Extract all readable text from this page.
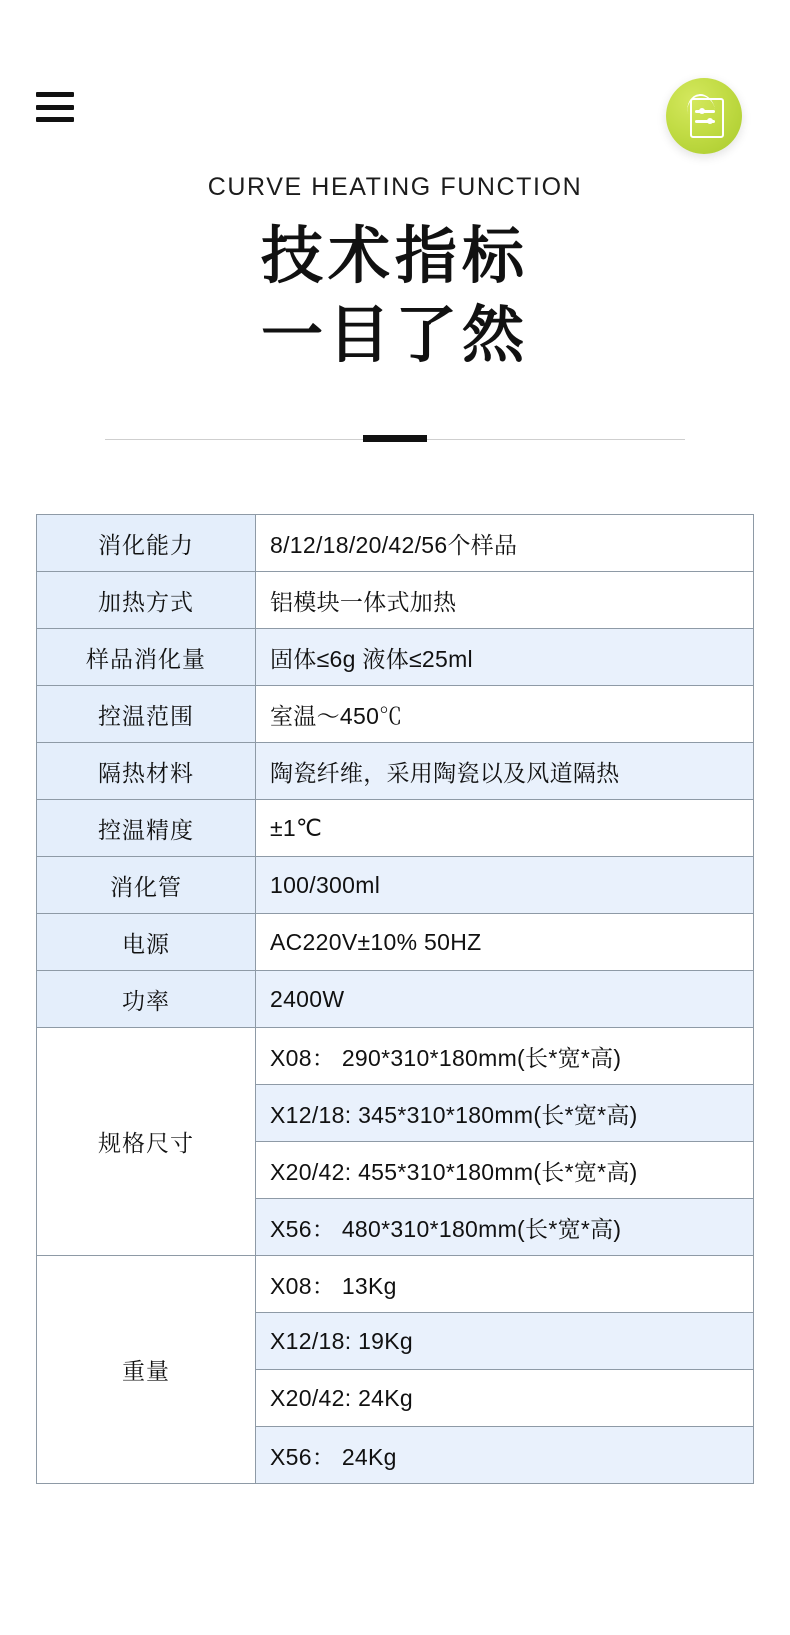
CURVE HEATING FUNCTION
技术指标
一目了然
消化能力	8/12/18/20/42/56个样品
加热方式	铝模块一体式加热
样品消化量	固体≤6g 液体≤25ml
控温范围	室温～450℃
隔热材料	陶瓷纤维，采用陶瓷以及风道隔热
控温精度	±1℃
消化管	100/300ml
电源	AC220V±10% 50HZ
功率	2400W
规格尺寸	X08： 290*310*180mm(长*宽*高)
	X12/18: 345*310*180mm(长*宽*高)
	X20/42: 455*310*180mm(长*宽*高)
	X56： 480*310*180mm(长*宽*高)
重量	X08： 13Kg
	X12/18: 19Kg
	X20/42: 24Kg
	X56： 24Kg
